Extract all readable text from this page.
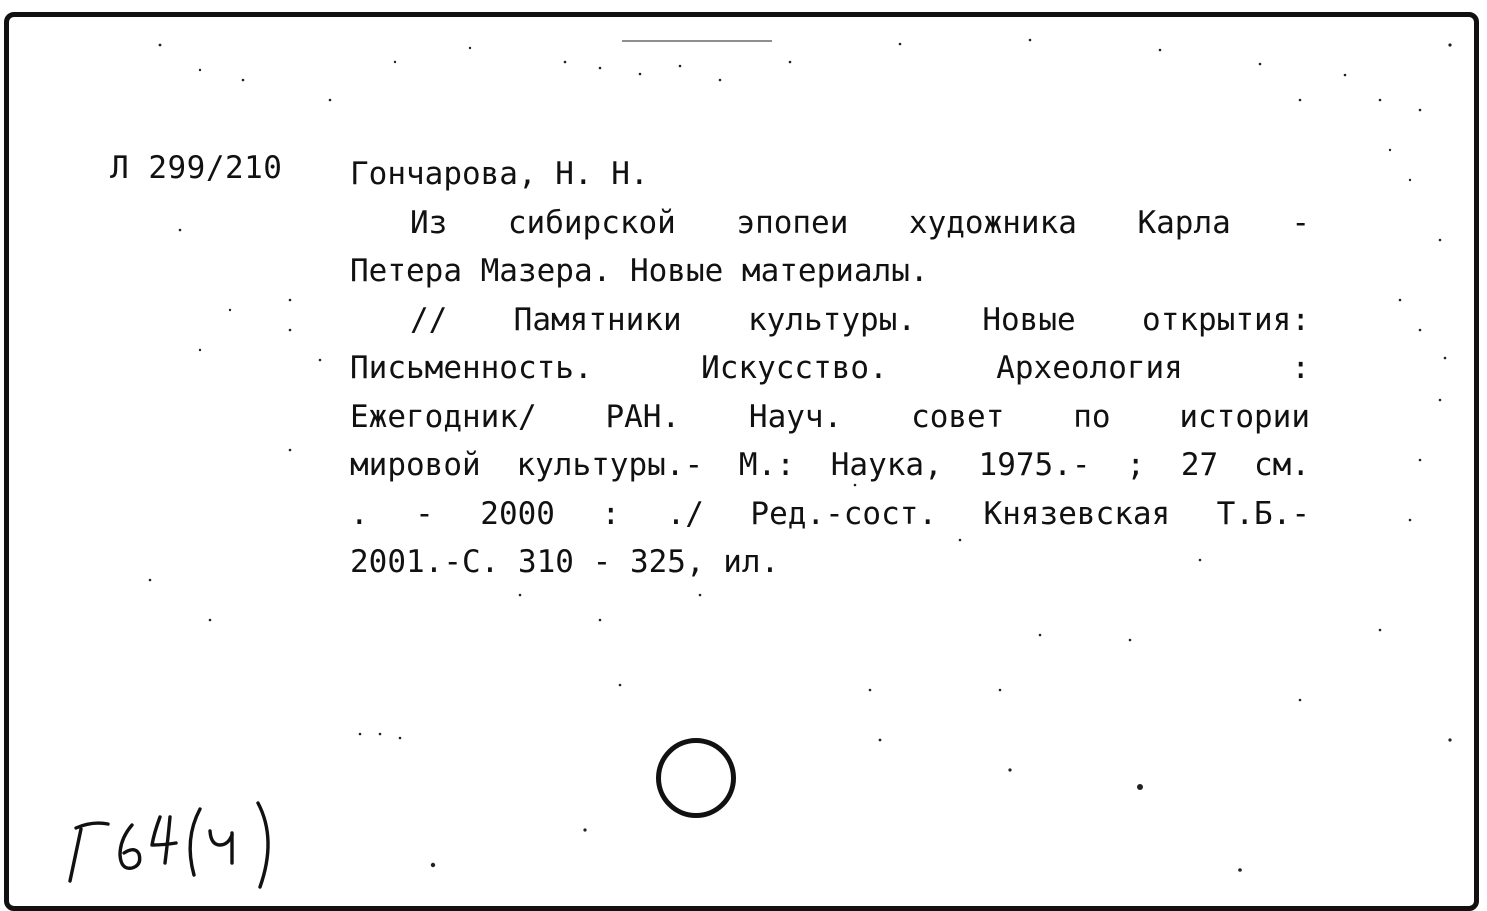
Л 299/210 Гончарова, Н. Н.
Из сибирской эпопеи художника Карла -
Петера Мазера. Новые материалы.
// Памятники культуры. Новые открытия:
Письменность. Искусство. Археология :
Ежегодник/ РАН. Науч. совет по истории
мировой культуры.- М.: Наука, 1975.- ; 27 см.
. - 2000 : ./ Ред.-сост. Князевская Т.Б.-
2001.-С. 310 - 325, ил.
